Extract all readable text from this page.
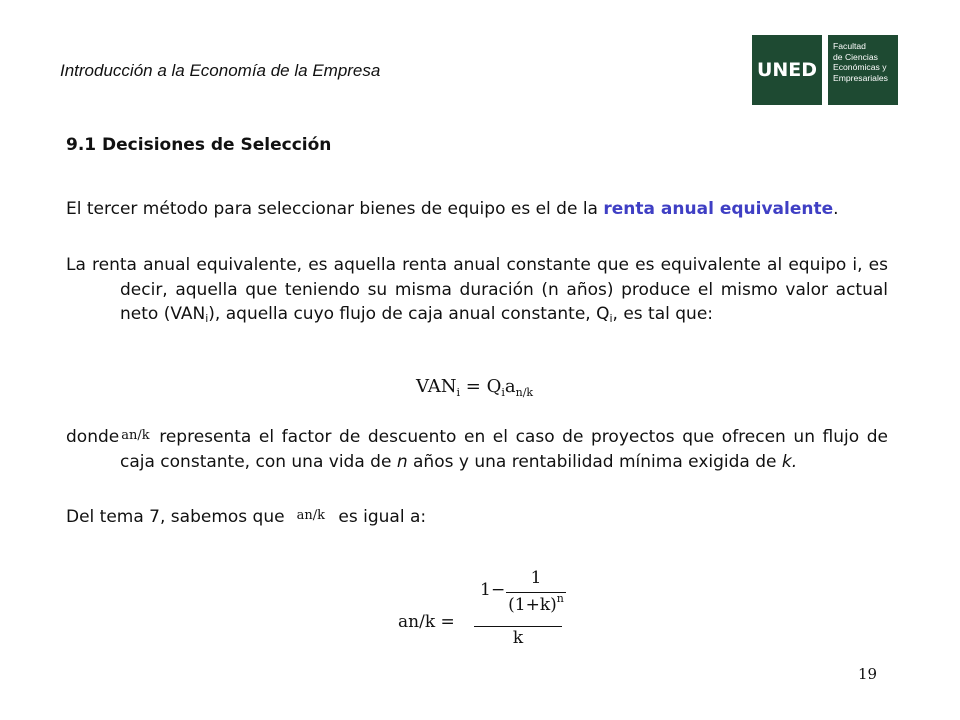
Introducción a la Economía de la Empresa	UNED
Facultad
de Ciencias
Económicas y
Empresariales
9.1 Decisiones de Selección
El tercer método para seleccionar bienes de equipo es el de la renta anual equivalente.
La renta anual equivalente, es aquella renta anual constante que es equivalente al equipo i, es decir, aquella que teniendo su misma duración (n años) produce el mismo valor actual neto $(VAN_i)$, aquella cuyo flujo de caja anual constante, $Q_i$, es tal que:
$VAN_i = Q_ia_{n/k}$
donde an/k representa el factor de descuento en el caso de proyectos que ofrecen un flujo de caja constante, con una vida de n años y una rentabilidad mínima exigida de k.
Del tema 7, sabemos que an/k es igual a:
an/k =
1 −
1
$(1+k)^n$
k
19
